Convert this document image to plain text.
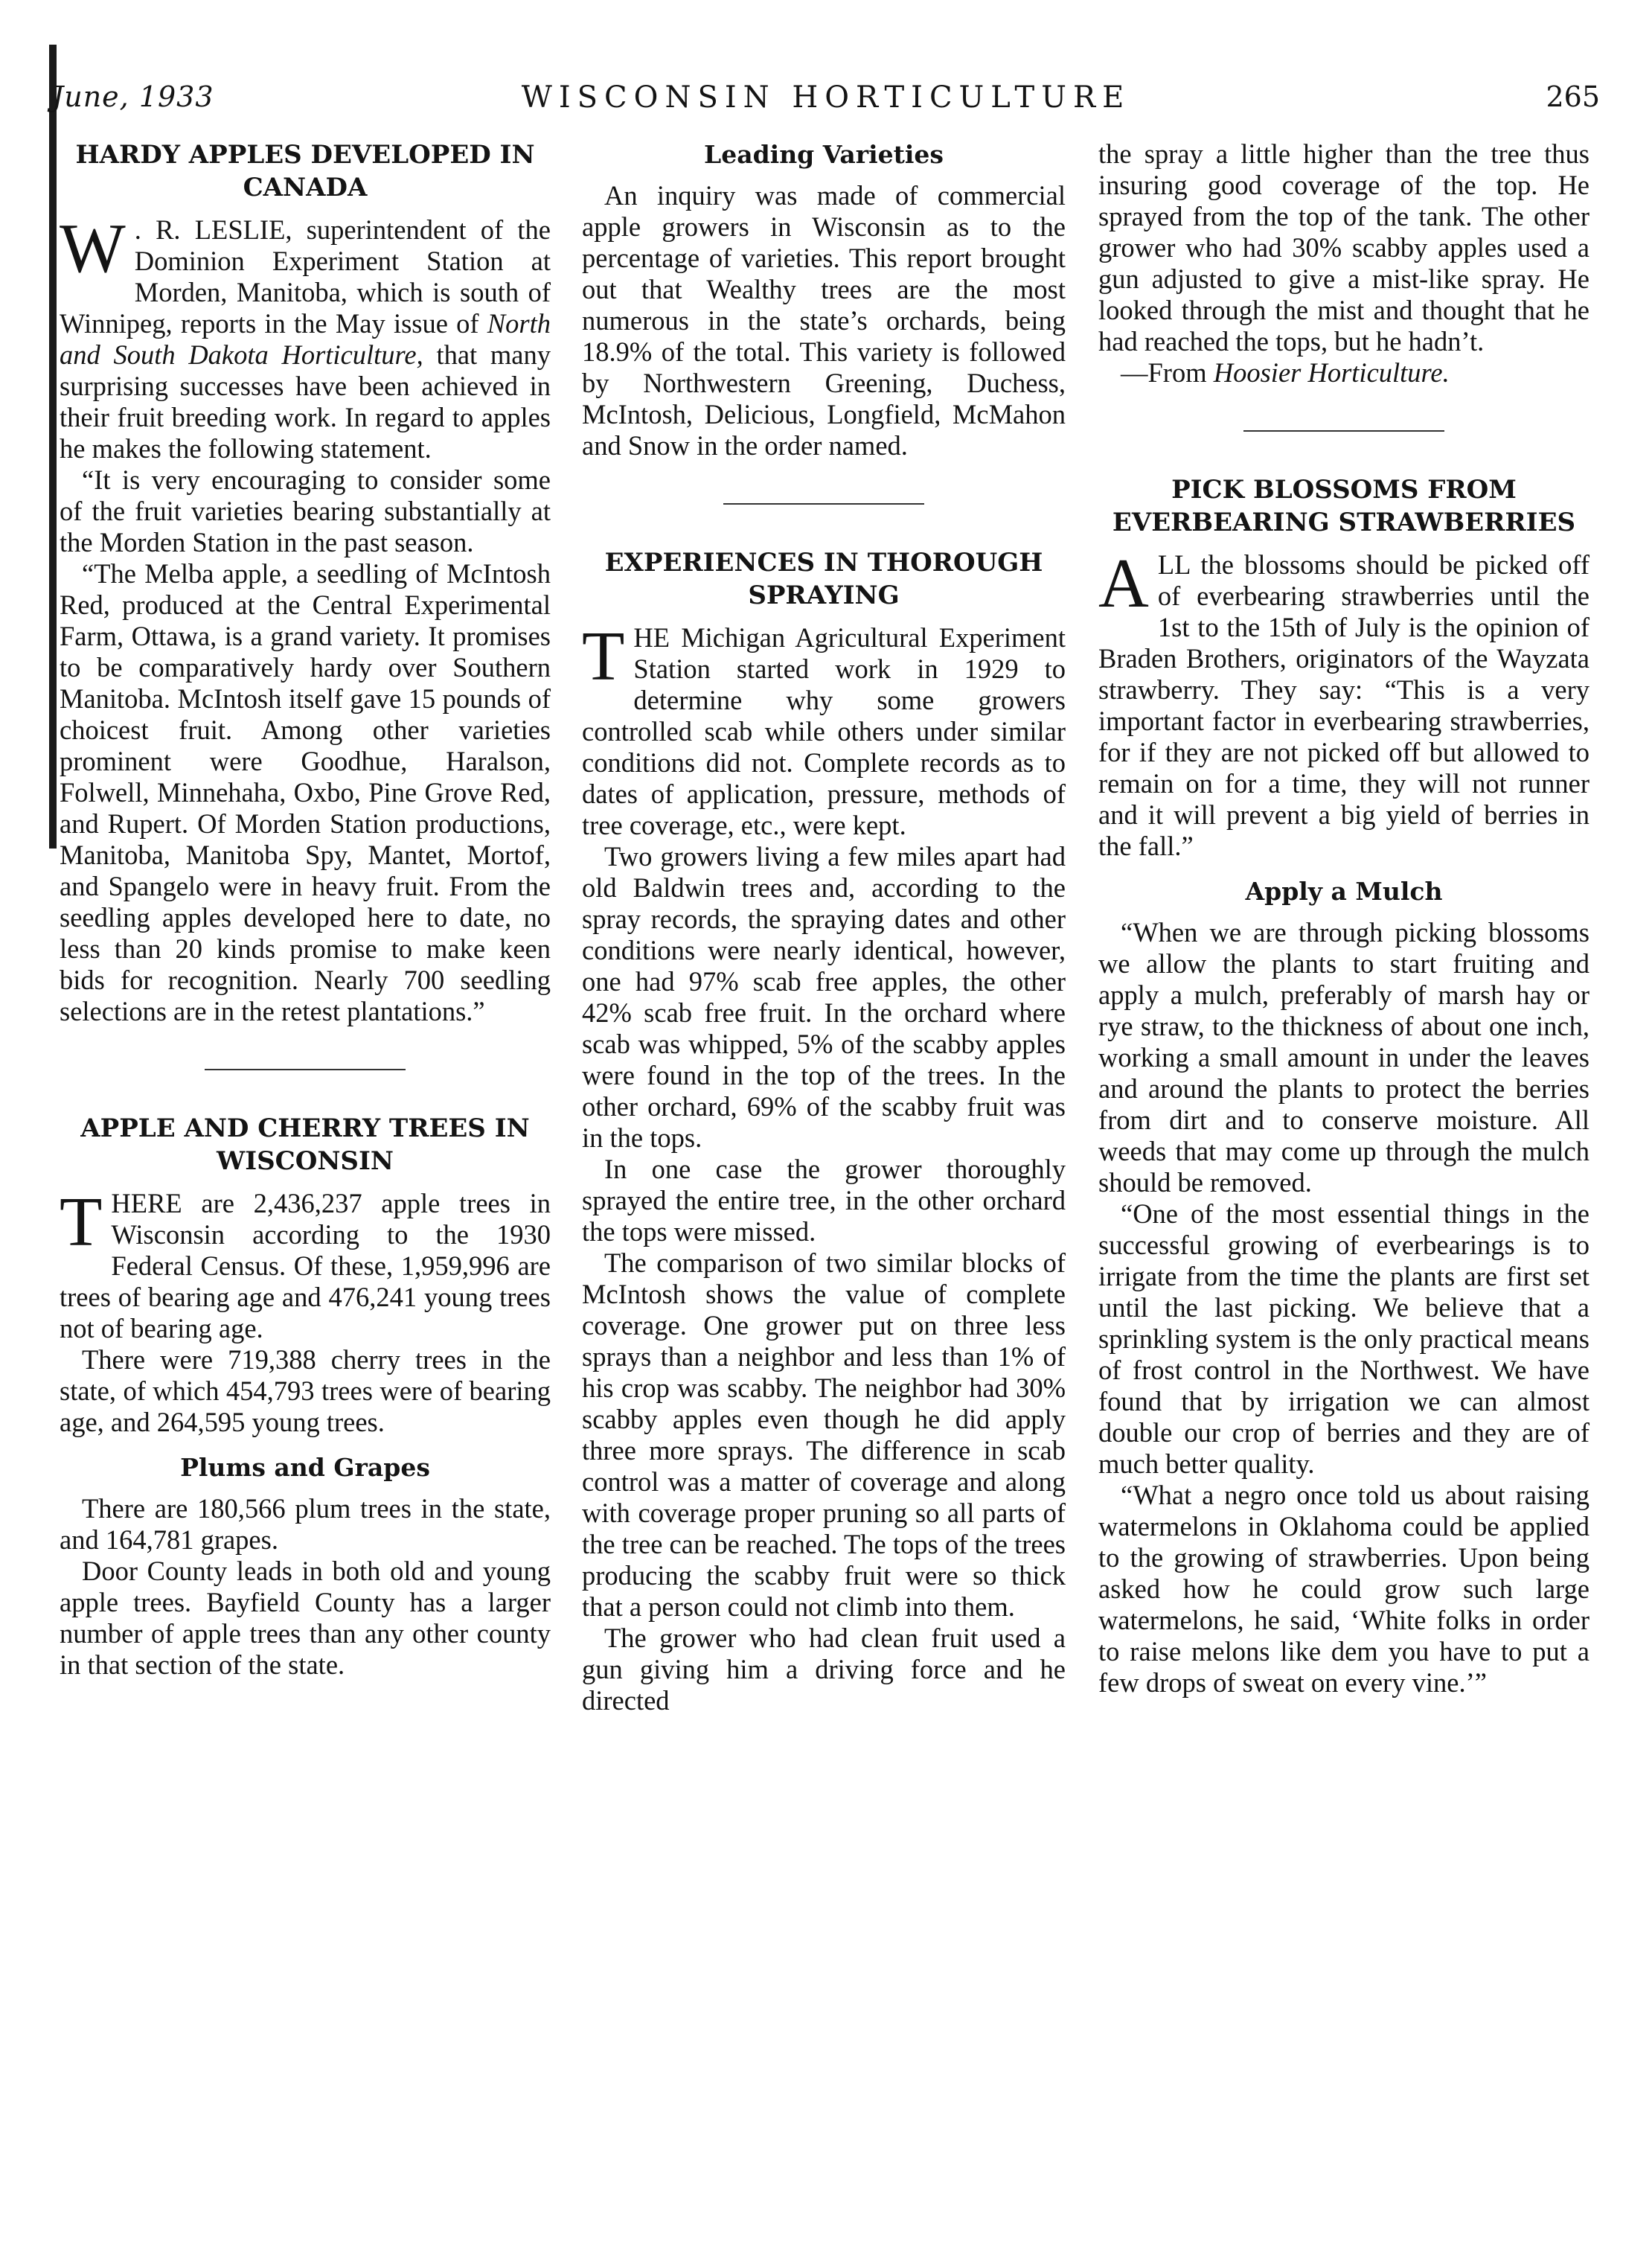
June, 1933	WISCONSIN HORTICULTURE	265
HARDY APPLES DEVELOPED IN CANADA

W . R. LESLIE, superintendent of the Dominion Experiment Station at Morden, Manitoba, which is south of Winnipeg, reports in the May issue of North and South Dakota Horticulture, that many surprising successes have been achieved in their fruit breeding work. In regard to apples he makes the following statement.

“It is very encouraging to consider some of the fruit varieties bearing substantially at the Morden Station in the past season.

“The Melba apple, a seedling of McIntosh Red, produced at the Central Experimental Farm, Ottawa, is a grand variety. It promises to be comparatively hardy over Southern Manitoba. McIntosh itself gave 15 pounds of choicest fruit. Among other varieties prominent were Goodhue, Haralson, Folwell, Minnehaha, Oxbo, Pine Grove Red, and Rupert. Of Morden Station productions, Manitoba, Manitoba Spy, Mantet, Mortof, and Spangelo were in heavy fruit. From the seedling apples developed here to date, no less than 20 kinds promise to make keen bids for recognition. Nearly 700 seedling selections are in the retest plantations.”

APPLE AND CHERRY TREES IN WISCONSIN

THERE are 2,436,237 apple trees in Wisconsin according to the 1930 Federal Census. Of these, 1,959,996 are trees of bearing age and 476,241 young trees not of bearing age.

There were 719,388 cherry trees in the state, of which 454,793 trees were of bearing age, and 264,595 young trees.

Plums and Grapes

There are 180,566 plum trees in the state, and 164,781 grapes.

Door County leads in both old and young apple trees. Bayfield County has a larger number of apple trees than any other county in that section of the state.

Leading Varieties

An inquiry was made of commercial apple growers in Wisconsin as to the percentage of varieties. This report brought out that Wealthy trees are the most numerous in the state’s orchards, being 18.9% of the total. This variety is followed by Northwestern Greening, Duchess, McIntosh, Delicious, Longfield, McMahon and Snow in the order named.

EXPERIENCES IN THOROUGH SPRAYING

THE Michigan Agricultural Experiment Station started work in 1929 to determine why some growers controlled scab while others under similar conditions did not. Complete records as to dates of application, pressure, methods of tree coverage, etc., were kept.

Two growers living a few miles apart had old Baldwin trees and, according to the spray records, the spraying dates and other conditions were nearly identical, however, one had 97% scab free apples, the other 42% scab free fruit. In the orchard where scab was whipped, 5% of the scabby apples were found in the top of the trees. In the other orchard, 69% of the scabby fruit was in the tops.

In one case the grower thoroughly sprayed the entire tree, in the other orchard the tops were missed.

The comparison of two similar blocks of McIntosh shows the value of complete coverage. One grower put on three less sprays than a neighbor and less than 1% of his crop was scabby. The neighbor had 30% scabby apples even though he did apply three more sprays. The difference in scab control was a matter of coverage and along with coverage proper pruning so all parts of the tree can be reached. The tops of the trees producing the scabby fruit were so thick that a person could not climb into them.

The grower who had clean fruit used a gun giving him a driving force and he directed

the spray a little higher than the tree thus insuring good coverage of the top. He sprayed from the top of the tank. The other grower who had 30% scabby apples used a gun adjusted to give a mist-like spray. He looked through the mist and thought that he had reached the tops, but he hadn’t.

—From Hoosier Horticulture.

PICK BLOSSOMS FROM EVERBEARING STRAWBERRIES

ALL the blossoms should be picked off of everbearing strawberries until the 1st to the 15th of July is the opinion of Braden Brothers, originators of the Wayzata strawberry. They say: “This is a very important factor in everbearing strawberries, for if they are not picked off but allowed to remain on for a time, they will not runner and it will prevent a big yield of berries in the fall.”

Apply a Mulch

“When we are through picking blossoms we allow the plants to start fruiting and apply a mulch, preferably of marsh hay or rye straw, to the thickness of about one inch, working a small amount in under the leaves and around the plants to protect the berries from dirt and to conserve moisture. All weeds that may come up through the mulch should be removed.

“One of the most essential things in the successful growing of everbearings is to irrigate from the time the plants are first set until the last picking. We believe that a sprinkling system is the only practical means of frost control in the Northwest. We have found that by irrigation we can almost double our crop of berries and they are of much better quality.

“What a negro once told us about raising watermelons in Oklahoma could be applied to the growing of strawberries. Upon being asked how he could grow such large watermelons, he said, ‘White folks in order to raise melons like dem you have to put a few drops of sweat on every vine.’”
